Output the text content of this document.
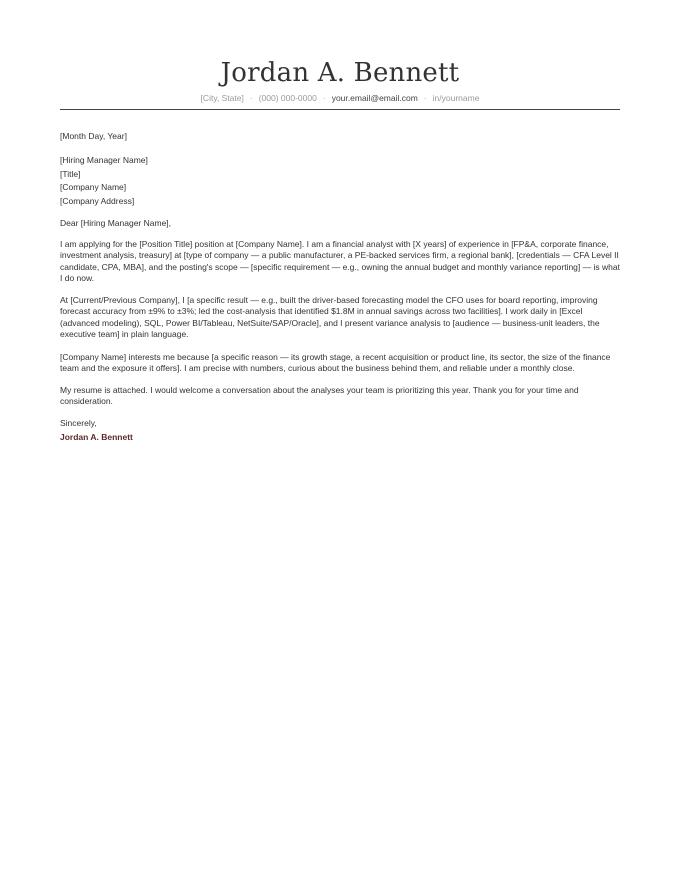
Jordan A. Bennett
[City, State] · (000) 000-0000 · your.email@email.com · in/yourname
[Month Day, Year]
[Hiring Manager Name]
[Title]
[Company Name]
[Company Address]
Dear [Hiring Manager Name],

I am applying for the [Position Title] position at [Company Name]. I am a financial analyst with [X years] of experience in [FP&A, corporate finance, investment analysis, treasury] at [type of company — a public manufacturer, a PE-backed services firm, a regional bank], [credentials — CFA Level II candidate, CPA, MBA], and the posting's scope — [specific requirement — e.g., owning the annual budget and monthly variance reporting] — is what I do now.

At [Current/Previous Company], I [a specific result — e.g., built the driver-based forecasting model the CFO uses for board reporting, improving forecast accuracy from ±9% to ±3%; led the cost-analysis that identified $1.8M in annual savings across two facilities]. I work daily in [Excel (advanced modeling), SQL, Power BI/Tableau, NetSuite/SAP/Oracle], and I present variance analysis to [audience — business-unit leaders, the executive team] in plain language.

[Company Name] interests me because [a specific reason — its growth stage, a recent acquisition or product line, its sector, the size of the finance team and the exposure it offers]. I am precise with numbers, curious about the business behind them, and reliable under a monthly close.

My resume is attached. I would welcome a conversation about the analyses your team is prioritizing this year. Thank you for your time and consideration.

Sincerely,
Jordan A. Bennett
